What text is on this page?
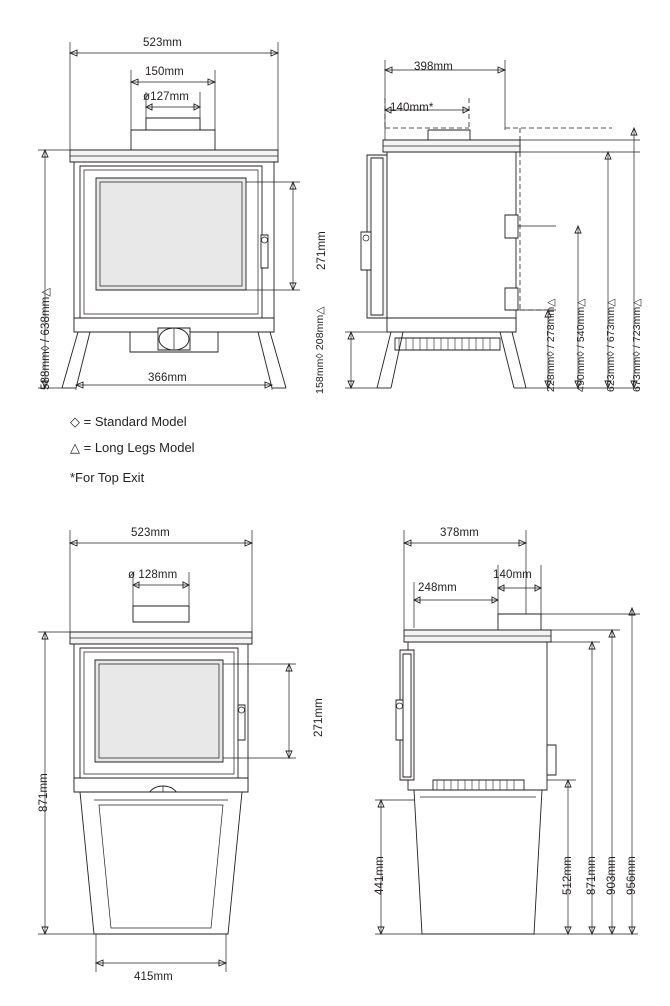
523mm
150mm
ø127mm
271mm
588mm◊ / 638mm△	366mm
398mm
140mm*
158mm◊ 208mm△	228mm◊ / 278mm△ 490mm◊ / 540mm△ 623mm◊ / 673mm△ 673mm◊ / 723mm△
◇ = Standard Model
△ = Long Legs Model
*For Top Exit
523mm
ø 128mm
271mm
871mm
415mm
378mm
140mm
248mm
441mm	512mm 871mm 903mm 956mm
